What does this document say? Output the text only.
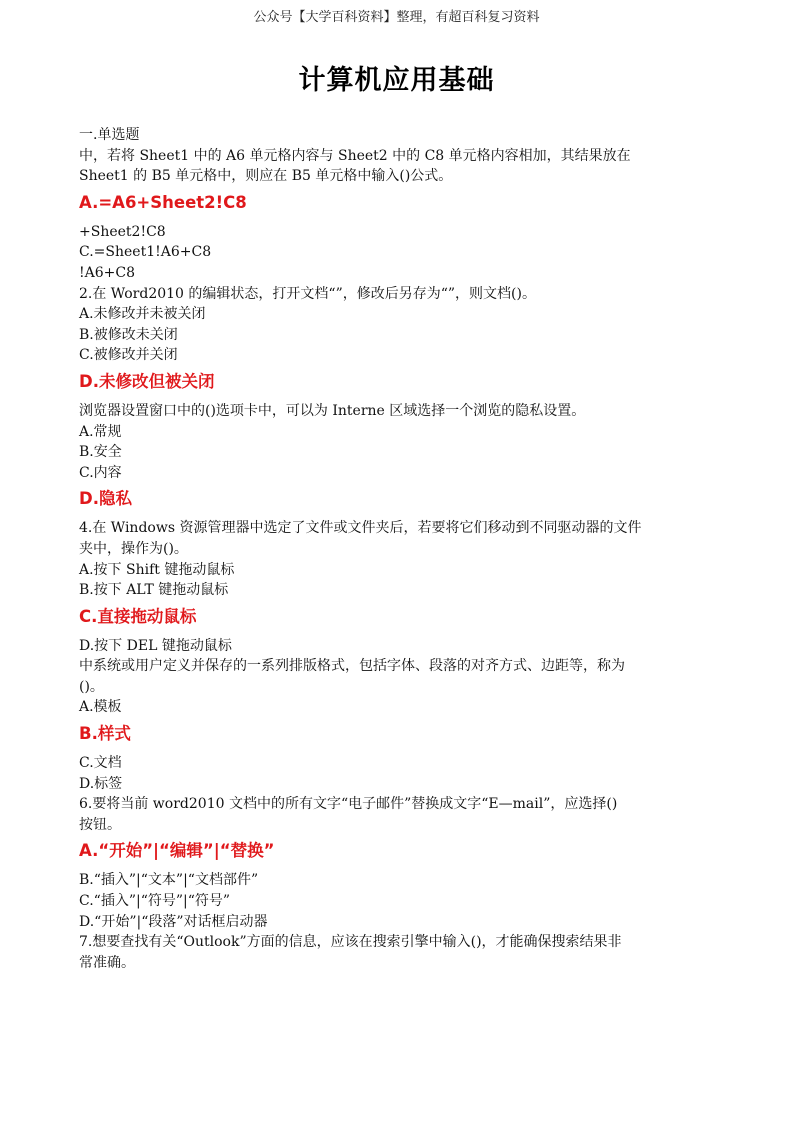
公众号【大学百科资料】整理，有超百科复习资料
计算机应用基础
一.单选题
中，若将 Sheet1 中的 A6 单元格内容与 Sheet2 中的 C8 单元格内容相加，其结果放在
Sheet1 的 B5 单元格中，则应在 B5 单元格中输入()公式。
A.=A6+Sheet2!C8
+Sheet2!C8
C.=Sheet1!A6+C8
!A6+C8
2.在 Word2010 的编辑状态，打开文档“”，修改后另存为“”，则文档()。
A.未修改并未被关闭
B.被修改未关闭
C.被修改并关闭
D.未修改但被关闭
浏览器设置窗口中的()选项卡中，可以为 Interne 区域选择一个浏览的隐私设置。
A.常规
B.安全
C.内容
D.隐私
4.在 Windows 资源管理器中选定了文件或文件夹后，若要将它们移动到不同驱动器的文件
夹中，操作为()。
A.按下 Shift 键拖动鼠标
B.按下 ALT 键拖动鼠标
C.直接拖动鼠标
D.按下 DEL 键拖动鼠标
中系统或用户定义并保存的一系列排版格式，包括字体、段落的对齐方式、边距等，称为
()。
A.模板
B.样式
C.文档
D.标签
6.要将当前 word2010 文档中的所有文字“电子邮件”替换成文字“E—mail”，应选择()
按钮。
A.“开始”|“编辑”|“替换”
B.“插入”|“文本”|“文档部件”
C.“插入”|“符号”|“符号”
D.“开始”|“段落”对话框启动器
7.想要查找有关“Outlook”方面的信息，应该在搜索引擎中输入()，才能确保搜索结果非
常准确。
